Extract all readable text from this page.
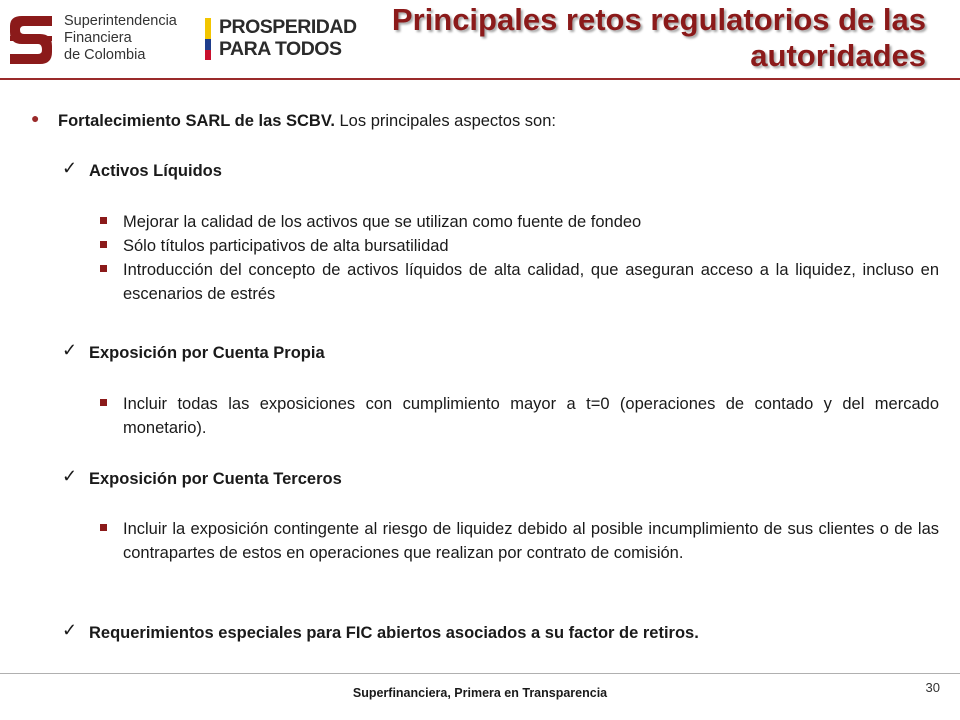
Superintendencia
Financiera
de Colombia
PROSPERIDAD
PARA TODOS
Principales retos regulatorios de las
autoridades
● Fortalecimiento SARL de las SCBV. Los principales aspectos son:
✓ Activos Líquidos
Mejorar la calidad de los activos que se utilizan como fuente de fondeo
Sólo títulos participativos de alta bursatilidad
Introducción del concepto de activos líquidos de alta calidad, que aseguran acceso a la liquidez, incluso en escenarios de estrés
✓ Exposición por Cuenta Propia
Incluir todas las exposiciones con cumplimiento mayor a t=0 (operaciones de contado y del mercado monetario).
✓ Exposición por Cuenta Terceros
Incluir la exposición contingente al riesgo de liquidez debido al posible incumplimiento de sus clientes o de las contrapartes de estos en operaciones que realizan por contrato de comisión.
✓ Requerimientos especiales para FIC abiertos asociados a su factor de retiros.
Superfinanciera, Primera en Transparencia	30
